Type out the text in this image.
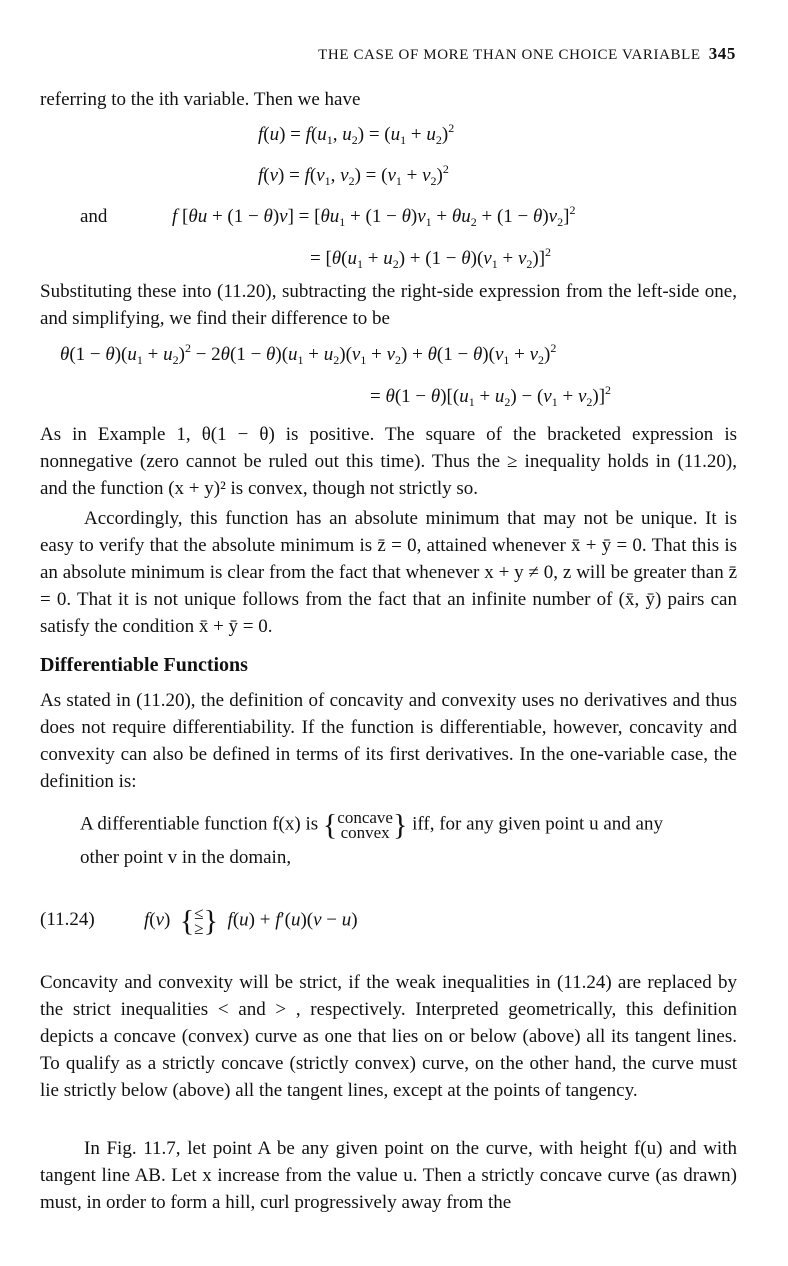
THE CASE OF MORE THAN ONE CHOICE VARIABLE 345
referring to the ith variable. Then we have
$f(u) = f(u_1$, $u_2) = (u_1 + u_2)^2$
$f(v) = f(v_1$, $v_2) = (v_1 + v_2)^2$
and	f $[\theta u + (1 - \theta)v] = [\theta u_1 + (1 - \theta)v_1 + \theta u_2 + (1 - \theta)v_2]^2$
= $[\theta(u_1 + u_2) + (1 - \theta)(v_1 + v_2)]^2$
Substituting these into (11.20), subtracting the right-side expression from the left-side one, and simplifying, we find their difference to be
$\theta(1 - \theta)(u_1 + u_2)^2 - 2\theta(1 - \theta)(u_1 + u_2)(v_1 + v_2) + \theta(1 - \theta)(v_1 + v_2)^2$
= $\theta(1 - \theta)[(u_1 + u_2) - (v_1 + v_2)]^2$
As in Example 1, θ(1 − θ) is positive. The square of the bracketed expression is nonnegative (zero cannot be ruled out this time). Thus the ≥ inequality holds in (11.20), and the function (x + y)² is convex, though not strictly so.
Accordingly, this function has an absolute minimum that may not be unique. It is easy to verify that the absolute minimum is z̄ = 0, attained whenever x̄ + ȳ = 0. That this is an absolute minimum is clear from the fact that whenever x + y ≠ 0, z will be greater than z̄ = 0. That it is not unique follows from the fact that an infinite number of (x̄, ȳ) pairs can satisfy the condition x̄ + ȳ = 0.
Differentiable Functions
As stated in (11.20), the definition of concavity and convexity uses no derivatives and thus does not require differentiability. If the function is differentiable, however, concavity and convexity can also be defined in terms of its first derivatives. In the one-variable case, the definition is:
A differentiable function f(x) is {concave
convex } iff, for any given point u and any
other point v in the domain,
(11.24)	f(v)  {≤
≥} f(u) + f′(u)(v − u)
Concavity and convexity will be strict, if the weak inequalities in (11.24) are replaced by the strict inequalities < and > , respectively. Interpreted geometrically, this definition depicts a concave (convex) curve as one that lies on or below (above) all its tangent lines. To qualify as a strictly concave (strictly convex) curve, on the other hand, the curve must lie strictly below (above) all the tangent lines, except at the points of tangency.
In Fig. 11.7, let point A be any given point on the curve, with height f(u) and with tangent line AB. Let x increase from the value u. Then a strictly concave curve (as drawn) must, in order to form a hill, curl progressively away from the
